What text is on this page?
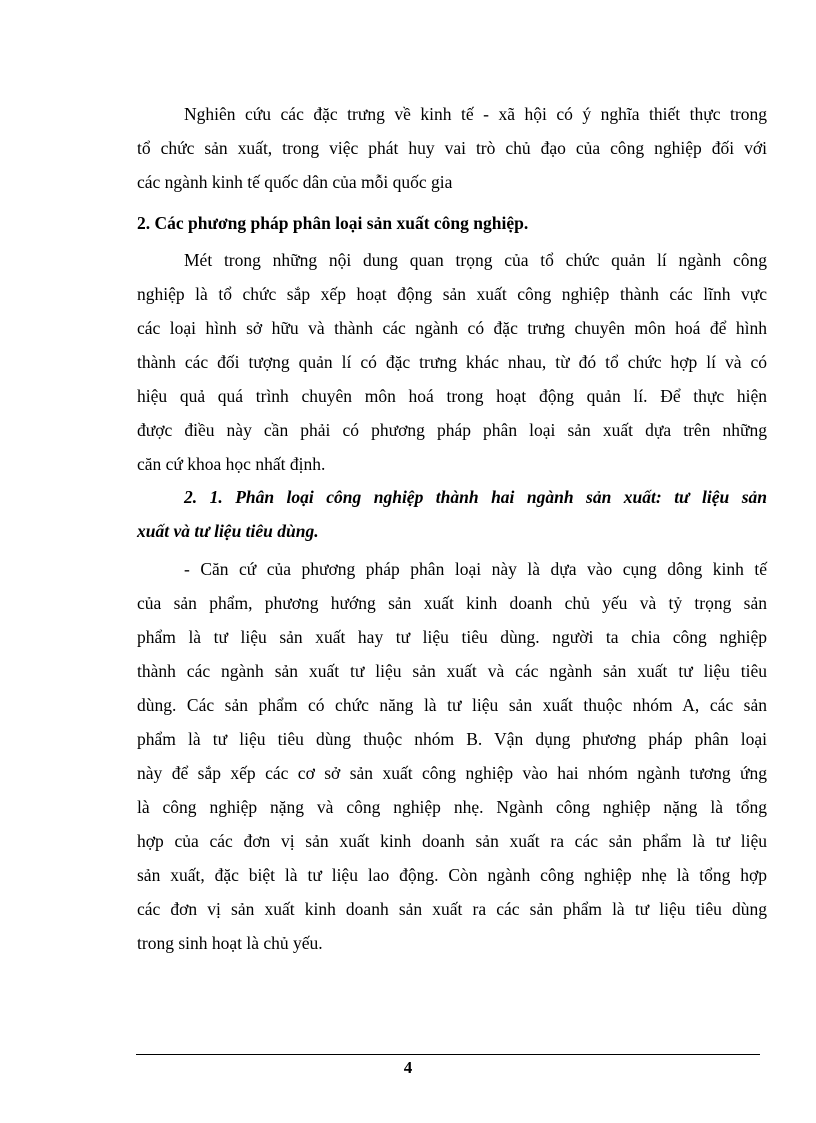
Nghiên cứu các đặc trưng về kinh tế - xã hội có ý nghĩa thiết thực trong
tổ chức sản xuất, trong việc phát huy vai trò chủ đạo của công nghiệp đối với
các ngành kinh tế quốc dân của mỗi quốc gia
2. Các phương pháp phân loại sản xuất công nghiệp.
Mét trong những nội dung quan trọng của tổ chức quản lí ngành công
nghiệp là tổ chức sắp xếp hoạt động sản xuất công nghiệp thành các lĩnh vực
các loại hình sở hữu và thành các ngành có đặc trưng chuyên môn hoá để hình
thành các đối tượng quản lí có đặc trưng khác nhau, từ đó tổ chức hợp lí và có
hiệu quả quá trình chuyên môn hoá trong hoạt động quản lí. Để thực hiện
được điều này cần phải có phương pháp phân loại sản xuất dựa trên những
căn cứ khoa học nhất định.
2. 1. Phân loại công nghiệp thành hai ngành sản xuất: tư liệu sản
xuất và tư liệu tiêu dùng.
- Căn cứ của phương pháp phân loại này là dựa vào cụng dông kinh tế
của sản phẩm, phương hướng sản xuất kinh doanh chủ yếu và tỷ trọng sản
phẩm là tư liệu sản xuất hay tư liệu tiêu dùng. người ta chia công nghiệp
thành các ngành sản xuất tư liệu sản xuất và các ngành sản xuất tư liệu tiêu
dùng. Các sản phẩm có chức năng là tư liệu sản xuất thuộc nhóm A, các sản
phẩm là tư liệu tiêu dùng thuộc nhóm B. Vận dụng phương pháp phân loại
này để sắp xếp các cơ sở sản xuất công nghiệp vào hai nhóm ngành tương ứng
là công nghiệp nặng và công nghiệp nhẹ. Ngành công nghiệp nặng là tổng
hợp của các đơn vị sản xuất kinh doanh sản xuất ra các sản phẩm là tư liệu
sản xuất, đặc biệt là tư liệu lao động. Còn ngành công nghiệp nhẹ là tổng hợp
các đơn vị sản xuất kinh doanh sản xuất ra các sản phẩm là tư liệu tiêu dùng
trong sinh hoạt là chủ yếu.
4
